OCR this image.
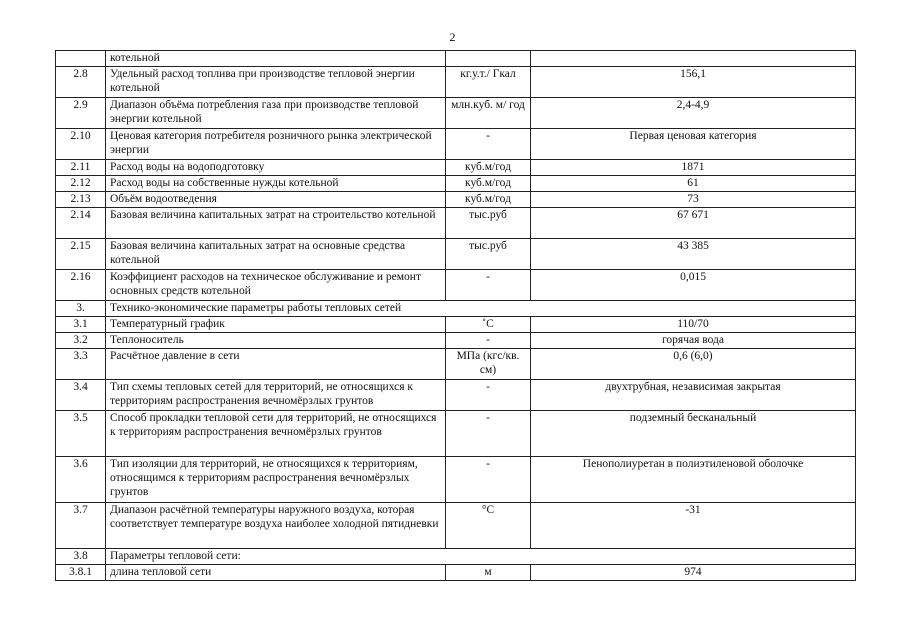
2
	котельной		
2.8	Удельный расход топлива при производстве тепловой энергии котельной	кг.у.т./ Гкал	156,1
2.9	Диапазон объёма потребления газа при производстве тепловой энергии котельной	млн.куб. м/ год	2,4-4,9
2.10	Ценовая категория потребителя розничного рынка электрической энергии	-	Первая ценовая категория
2.11	Расход воды на водоподготовку	куб.м/год	1871
2.12	Расход воды на собственные нужды котельной	куб.м/год	61
2.13	Объём водоотведения	куб.м/год	73
2.14	Базовая величина капитальных затрат на строительство котельной	тыс.руб	67 671
2.15	Базовая величина капитальных затрат на основные средства котельной	тыс.руб	43 385
2.16	Коэффициент расходов на техническое обслуживание и ремонт основных средств котельной	-	0,015
3.	Технико-экономические параметры работы тепловых сетей		
3.1	Температурный график	˚С	110/70
3.2	Теплоноситель	-	горячая вода
3.3	Расчётное давление в сети	МПа (кгс/кв. см)	0,6 (6,0)
3.4	Тип схемы тепловых сетей для территорий, не относящихся к территориям распространения вечномёрзлых грунтов	-	двухтрубная, независимая закрытая
3.5	Способ прокладки тепловой сети для территорий, не относящихся к территориям распространения вечномёрзлых грунтов	-	подземный бесканальный
3.6	Тип изоляции для территорий, не относящихся к территориям, относящимся к территориям распространения вечномёрзлых грунтов	-	Пенополиуретан в полиэтиленовой оболочке
3.7	Диапазон расчётной температуры наружного воздуха, которая соответствует температуре воздуха наиболее холодной пятидневки	°С	-31
3.8	Параметры тепловой сети:		
3.8.1	длина тепловой сети	м	974
